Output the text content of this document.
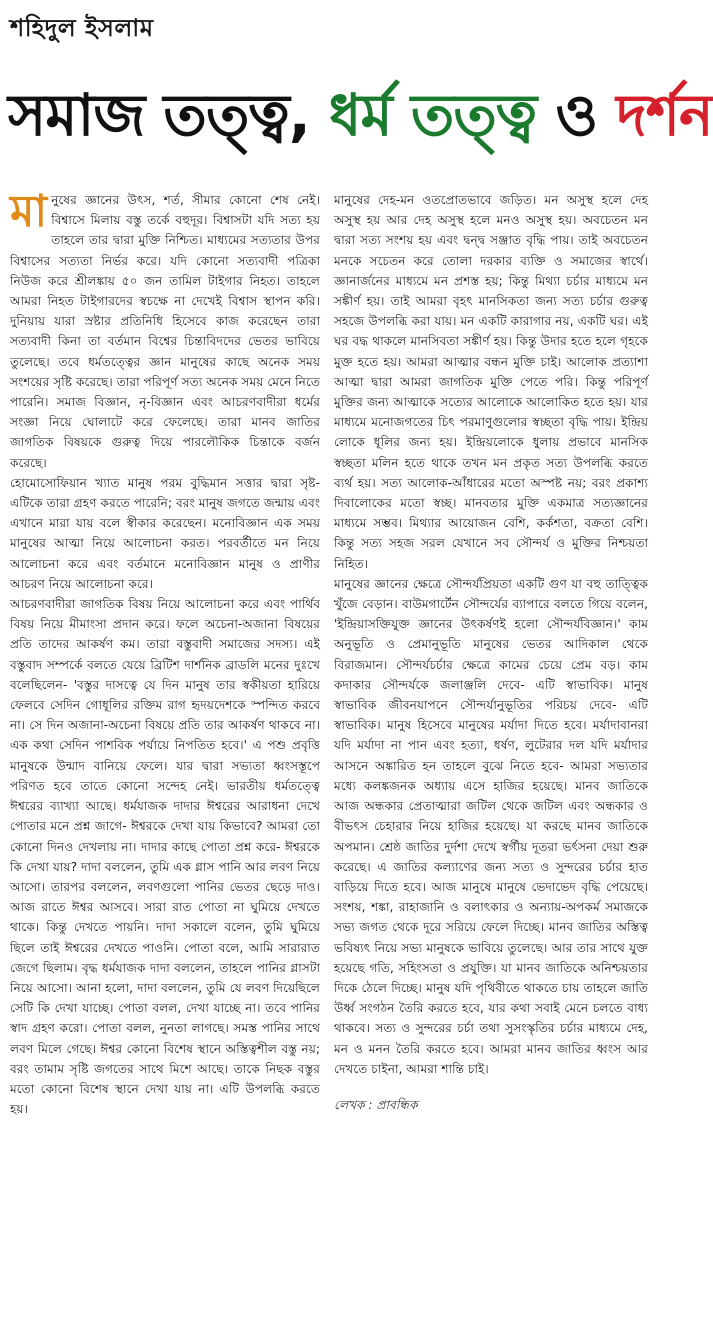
শহিদুল ইসলাম
সমাজ তত্ত্ব, ধর্ম তত্ত্ব ও দর্শন

মানুষের জ্ঞানের উৎস, শর্ত, সীমার কোনো শেষ নেই। বিশ্বাসে মিলায় বস্তু তর্কে বহুদূর। বিশ্বাসটা যদি সত্য হয় তাহলে তার দ্বারা মুক্তি নিশ্চিত। মাধ্যমের সত্যতার উপর বিশ্বাসের সত্যতা নির্ভর করে। যদি কোনো সত্যবাদী পত্রিকা নিউজ করে শ্রীলঙ্কায় ৫০ জন তামিল টাইগার নিহত। তাহলে আমরা নিহত টাইগারদের স্বচক্ষে না দেখেই বিশ্বাস স্থাপন করি। দুনিয়ায় যারা স্রষ্টার প্রতিনিধি হিসেবে কাজ করেছেন তারা সত্যবাদী কিনা তা বর্তমান বিশ্বের চিন্তাবিদদের ভেতর ভাবিয়ে তুলেছে। তবে ধর্মতত্ত্বের জ্ঞান মানুষের কাছে অনেক সময় সংশয়ের সৃষ্টি করেছে। তারা পরিপূর্ণ সত্য অনেক সময় মেনে নিতে পারেনি। সমাজ বিজ্ঞান, নৃ-বিজ্ঞান এবং আচরণবাদীরা ধর্মের সংজ্ঞা নিয়ে ঘোলাটে করে ফেলেছে। তারা মানব জাতির জাগতিক বিষয়কে গুরুত্ব দিয়ে পারলৌকিক চিন্তাকে বর্জন করেছে।

হোমোসোফিয়ান খ্যাত মানুষ পরম বুদ্ধিমান সত্তার দ্বারা সৃষ্ট- এটিকে তারা গ্রহণ করতে পারেনি; বরং মানুষ জগতে জন্মায় এবং এখানে মারা যায় বলে স্বীকার করেছেন। মনোবিজ্ঞান এক সময় মানুষের আত্মা নিয়ে আলোচনা করত। পরবর্তীতে মন নিয়ে আলোচনা করে এবং বর্তমানে মনোবিজ্ঞান মানুষ ও প্রাণীর আচরণ নিয়ে আলোচনা করে।

আচরণবাদীরা জাগতিক বিষয় নিয়ে আলোচনা করে এবং পার্থিব বিষয় নিয়ে মীমাংসা প্রদান করে। ফলে অচেনা-অজানা বিষয়ের প্রতি তাদের আকর্ষণ কম। তারা বস্তুবাদী সমাজের সদস্য। এই বস্তুবাদ সম্পর্কে বলতে যেয়ে ব্রিটিশ দার্শনিক ব্রাডলি মনের দুঃখে বলেছিলেন- 'বস্তুর দাসত্বে যে দিন মানুষ তার স্বকীয়তা হারিয়ে ফেলবে সেদিন গোধূলির রক্তিম রাগ হৃদয়দেশকে স্পন্দিত করবে না। সে দিন অজানা-অচেনা বিষয়ে প্রতি তার আকর্ষণ থাকবে না। এক কথা সেদিন পাশবিক পর্যায়ে নিপতিত হবে।' এ পশু প্রবৃত্তি মানুষকে উন্মাদ বানিয়ে ফেলে। যার দ্বারা সভ্যতা ধ্বংসস্তূপে পরিণত হবে তাতে কোনো সন্দেহ নেই। ভারতীয় ধর্মতত্ত্বে ঈশ্বরের ব্যাখ্যা আছে। ধর্মযাজক দাদার ঈশ্বরের আরাধনা দেখে পোতার মনে প্রশ্ন জাগে- ঈশ্বরকে দেখা যায় কিভাবে? আমরা তো কোনো দিনও দেখলায় না। দাদার কাছে পোতা প্রশ্ন করে- ঈশ্বরকে কি দেখা যায়? দাদা বললেন, তুমি এক গ্লাস পানি আর লবণ নিয়ে আসো। তারপর বললেন, লবণগুলো পানির ভেতর ছেড়ে দাও। আজ রাতে ঈশ্বর আসবে। সারা রাত পোতা না ঘুমিয়ে দেখতে থাকে। কিন্তু দেখতে পায়নি। দাদা সকালে বলেন, তুমি ঘুমিয়ে ছিলে তাই ঈশ্বরের দেখতে পাওনি। পোতা বলে, আমি সারারাত জেগে ছিলাম। বৃদ্ধ ধর্মযাজক দাদা বললেন, তাহলে পানির গ্লাসটা নিয়ে আসো। আনা হলো, দাদা বললেন, তুমি যে লবণ দিয়েছিলে সেটি কি দেখা যাচ্ছে। পোতা বলল, দেখা যাচ্ছে না। তবে পানির স্বাদ গ্রহণ করো। পোতা বলল, নুনতা লাগছে। সমস্ত পানির সাথে লবণ মিলে গেছে। ঈশ্বর কোনো বিশেষ স্থানে অস্তিত্বশীল বস্তু নয়; বরং তামাম সৃষ্টি জগতের সাথে মিশে আছে। তাকে নিছক বস্তুর মতো কোনো বিশেষ স্থানে দেখা যায় না। এটি উপলব্ধি করতে হয়।

মানুষের দেহ-মন ওতপ্রোতভাবে জড়িত। মন অসুস্থ হলে দেহ অসুস্থ হয় আর দেহ অসুস্থ হলে মনও অসুস্থ হয়। অবচেতন মন দ্বারা সত্য সংশয় হয় এবং দ্বন্দ্ব সঞ্জাত বৃদ্ধি পায়। তাই অবচেতন মনকে সচেতন করে তোলা দরকার ব্যক্তি ও সমাজের স্বার্থে। জ্ঞানার্জনের মাধ্যমে মন প্রশস্ত হয়; কিন্তু মিথ্যা চর্চার মাধ্যমে মন সঙ্কীর্ণ হয়। তাই আমরা বৃহৎ মানসিকতা জন্য সত্য চর্চার গুরুত্ব সহজে উপলব্ধি করা যায়। মন একটি কারাগার নয়, একটি ঘর। এই ঘর বদ্ধ থাকলে মানসিবতা সঙ্কীর্ণ হয়। কিন্তু উদার হতে হলে গৃহকে মুক্ত হতে হয়। আমরা আত্মার বন্ধন মুক্তি চাই। আলোক প্রত্যাশা আত্মা দ্বারা আমরা জাগতিক মুক্তি পেতে পরি। কিন্তু পরিপূর্ণ মুক্তির জন্য আত্মাকে সত্যের আলোকে আলোকিত হতে হয়। যার মাধ্যমে মনোজগতের চিৎ পরমাণুগুলোর স্বচ্ছতা বৃদ্ধি পায়। ইন্দ্রিয় লোকে ধূলির জন্য হয়। ইন্দ্রিয়লোকে ধুলায় প্রভাবে মানসিক স্বচ্ছতা মলিন হতে থাকে তখন মন প্রকৃত সত্য উপলব্ধি করতে ব্যর্থ হয়। সত্য আলোক-আঁধারের মতো অস্পষ্ট নয়; বরং প্রকাশ্য দিবালোকের মতো স্বচ্ছ। মানবতার মুক্তি একমাত্র সত্যজ্ঞানের মাধ্যমে সম্ভব। মিথ্যার আয়োজন বেশি, কর্কশতা, বক্রতা বেশি। কিন্তু সত্য সহজ সরল যেখানে সব সৌন্দর্য ও মুক্তির নিশ্চয়তা নিহিত।

মানুষের জ্ঞানের ক্ষেত্রে সৌন্দর্যপ্রিয়তা একটি গুণ যা বহু তাত্ত্বিক খুঁজে বেড়ান। বাউমগার্টেন সৌন্দর্যের ব্যাপারে বলতে গিয়ে বলেন, 'ইন্দ্রিয়াসক্তিযুক্ত জ্ঞানের উৎকর্ষণই হলো সৌন্দর্যবিজ্ঞান।' কাম অনুভূতি ও প্রেমানুভূতি মানুষের ভেতর আদিকাল থেকে বিরাজমান। সৌন্দর্যচর্চার ক্ষেত্রে কামের চেয়ে প্রেম বড়। কাম কদাকার সৌন্দর্যকে জলাঞ্জলি দেবে- এটি স্বাভাবিক। মানুষ স্বাভাবিক জীবনযাপনে সৌন্দর্যানুভূতির পরিচয় দেবে- এটি স্বাভাবিক। মানুষ হিসেবে মানুষের মর্যাদা দিতে হবে। মর্যাদাবানরা যদি মর্যাদা না পান এবং হত্যা, ধর্ষণ, লুটেরার দল যদি মর্যাদার আসনে অঙ্কারিত হন তাহলে বুঝে নিতে হবে- আমরা সভ্যতার মধ্যে কলঙ্কজনক অধ্যায় এসে হাজির হয়েছে। মানব জাতিকে আজ অন্ধকার প্রেতাত্মারা জটিল থেকে জটিল এবং অন্ধকার ও বীভৎস চেহারার নিয়ে হাজির হয়েছে। যা করছে মানব জাতিকে অপমান। শ্রেষ্ঠ জাতির দুর্দশা দেখে স্বর্গীয় দূতরা ভর্ৎসনা দেয়া শুরু করেছে। এ জাতির কল্যাণের জন্য সত্য ও সুন্দরের চর্চার হাত বাড়িয়ে দিতে হবে। আজ মানুষে মানুষে ভেদাভেদ বৃদ্ধি পেয়েছে। সংশয়, শঙ্কা, রাহাজানি ও বলাৎকার ও অন্যায়-অপকর্ম সমাজকে সভ্য জগত থেকে দূরে সরিয়ে ফেলে দিচ্ছে। মানব জাতির অস্তিত্ব ভবিষ্যৎ নিয়ে সভ্য মানুষকে ভাবিয়ে তুলেছে। আর তার সাথে যুক্ত হয়েছে গতি, সহিংসতা ও প্রযুক্তি। যা মানব জাতিকে অনিশ্চয়তার দিকে ঠেলে দিচ্ছে। মানুষ যদি পৃথিবীতে থাকতে চায় তাহলে জাতি উর্ধ্ব সংগঠন তৈরি করতে হবে, যার কথা সবাই মেনে চলতে বাধ্য থাকবে। সত্য ও সুন্দরের চর্চা তথা সুসংস্কৃতির চর্চার মাধ্যমে দেহ, মন ও মনন তৈরি করতে হবে। আমরা মানব জাতির ধ্বংস আর দেখতে চাইনা, আমরা শান্তি চাই।

লেখক : প্রাবন্ধিক
